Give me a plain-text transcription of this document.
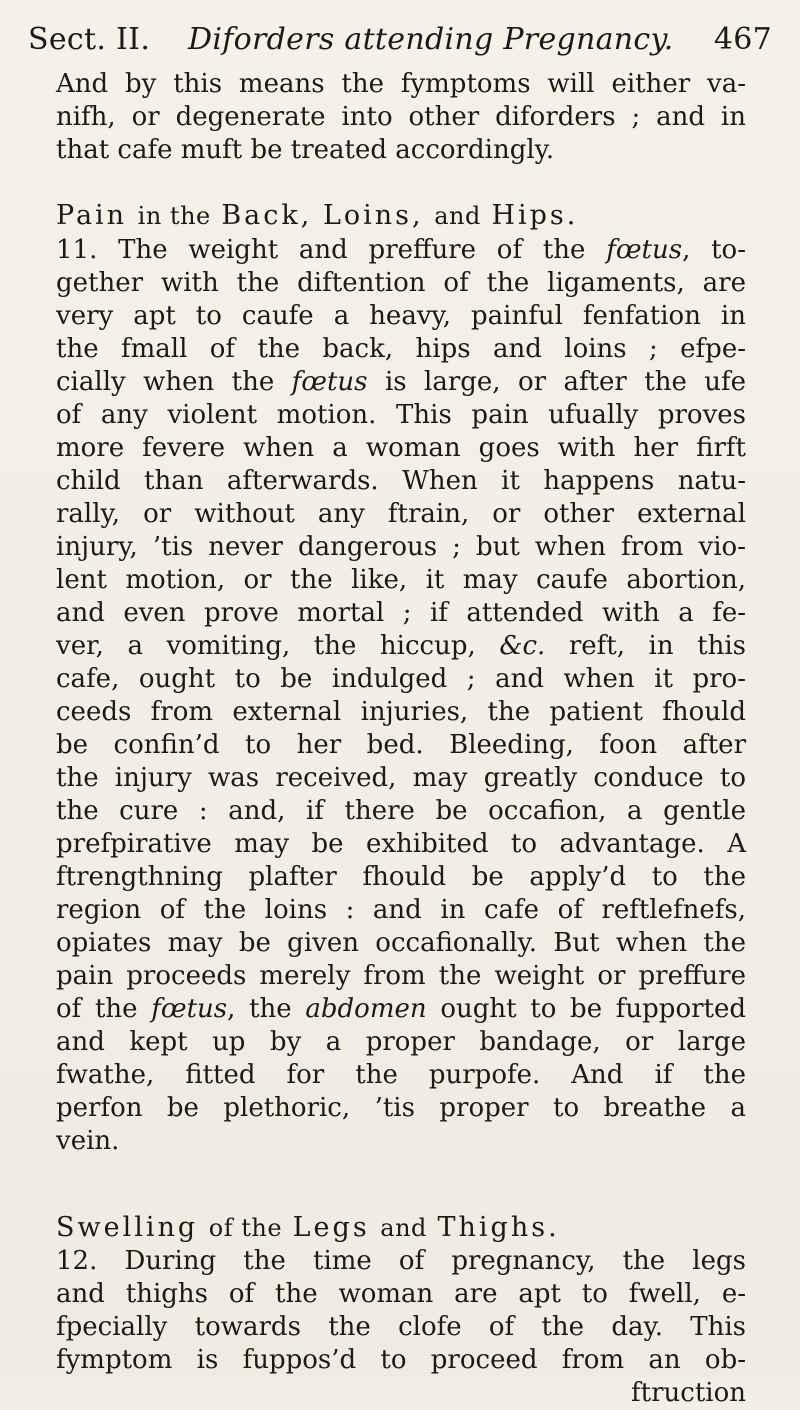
Sect. II. Diforders attending Pregnancy. 467
And by this means the fymptoms will either va-
nifh, or degenerate into other diforders ; and in
that cafe muft be treated accordingly.
Pain in the Back, Loins, and Hips.
11. The weight and preffure of the fœtus, to-
gether with the diftention of the ligaments, are
very apt to caufe a heavy, painful fenfation in
the fmall of the back, hips and loins ; efpe-
cially when the fœtus is large, or after the ufe
of any violent motion. This pain ufually proves
more fevere when a woman goes with her firft
child than afterwards. When it happens natu-
rally, or without any ftrain, or other external
injury, ’tis never dangerous ; but when from vio-
lent motion, or the like, it may caufe abortion,
and even prove mortal ; if attended with a fe-
ver, a vomiting, the hiccup, &c. reft, in this
cafe, ought to be indulged ; and when it pro-
ceeds from external injuries, the patient fhould
be confin’d to her bed. Bleeding, foon after
the injury was received, may greatly conduce to
the cure : and, if there be occafion, a gentle
prefpirative may be exhibited to advantage. A
ftrengthning plafter fhould be apply’d to the
region of the loins : and in cafe of reftlefnefs,
opiates may be given occafionally. But when the
pain proceeds merely from the weight or preffure
of the fœtus, the abdomen ought to be fupported
and kept up by a proper bandage, or large
fwathe, fitted for the purpofe. And if the
perfon be plethoric, ’tis proper to breathe a
vein.
Swelling of the Legs and Thighs.
12. During the time of pregnancy, the legs
and thighs of the woman are apt to fwell, e-
fpecially towards the clofe of the day. This
fymptom is fuppos’d to proceed from an ob-
ftruction
